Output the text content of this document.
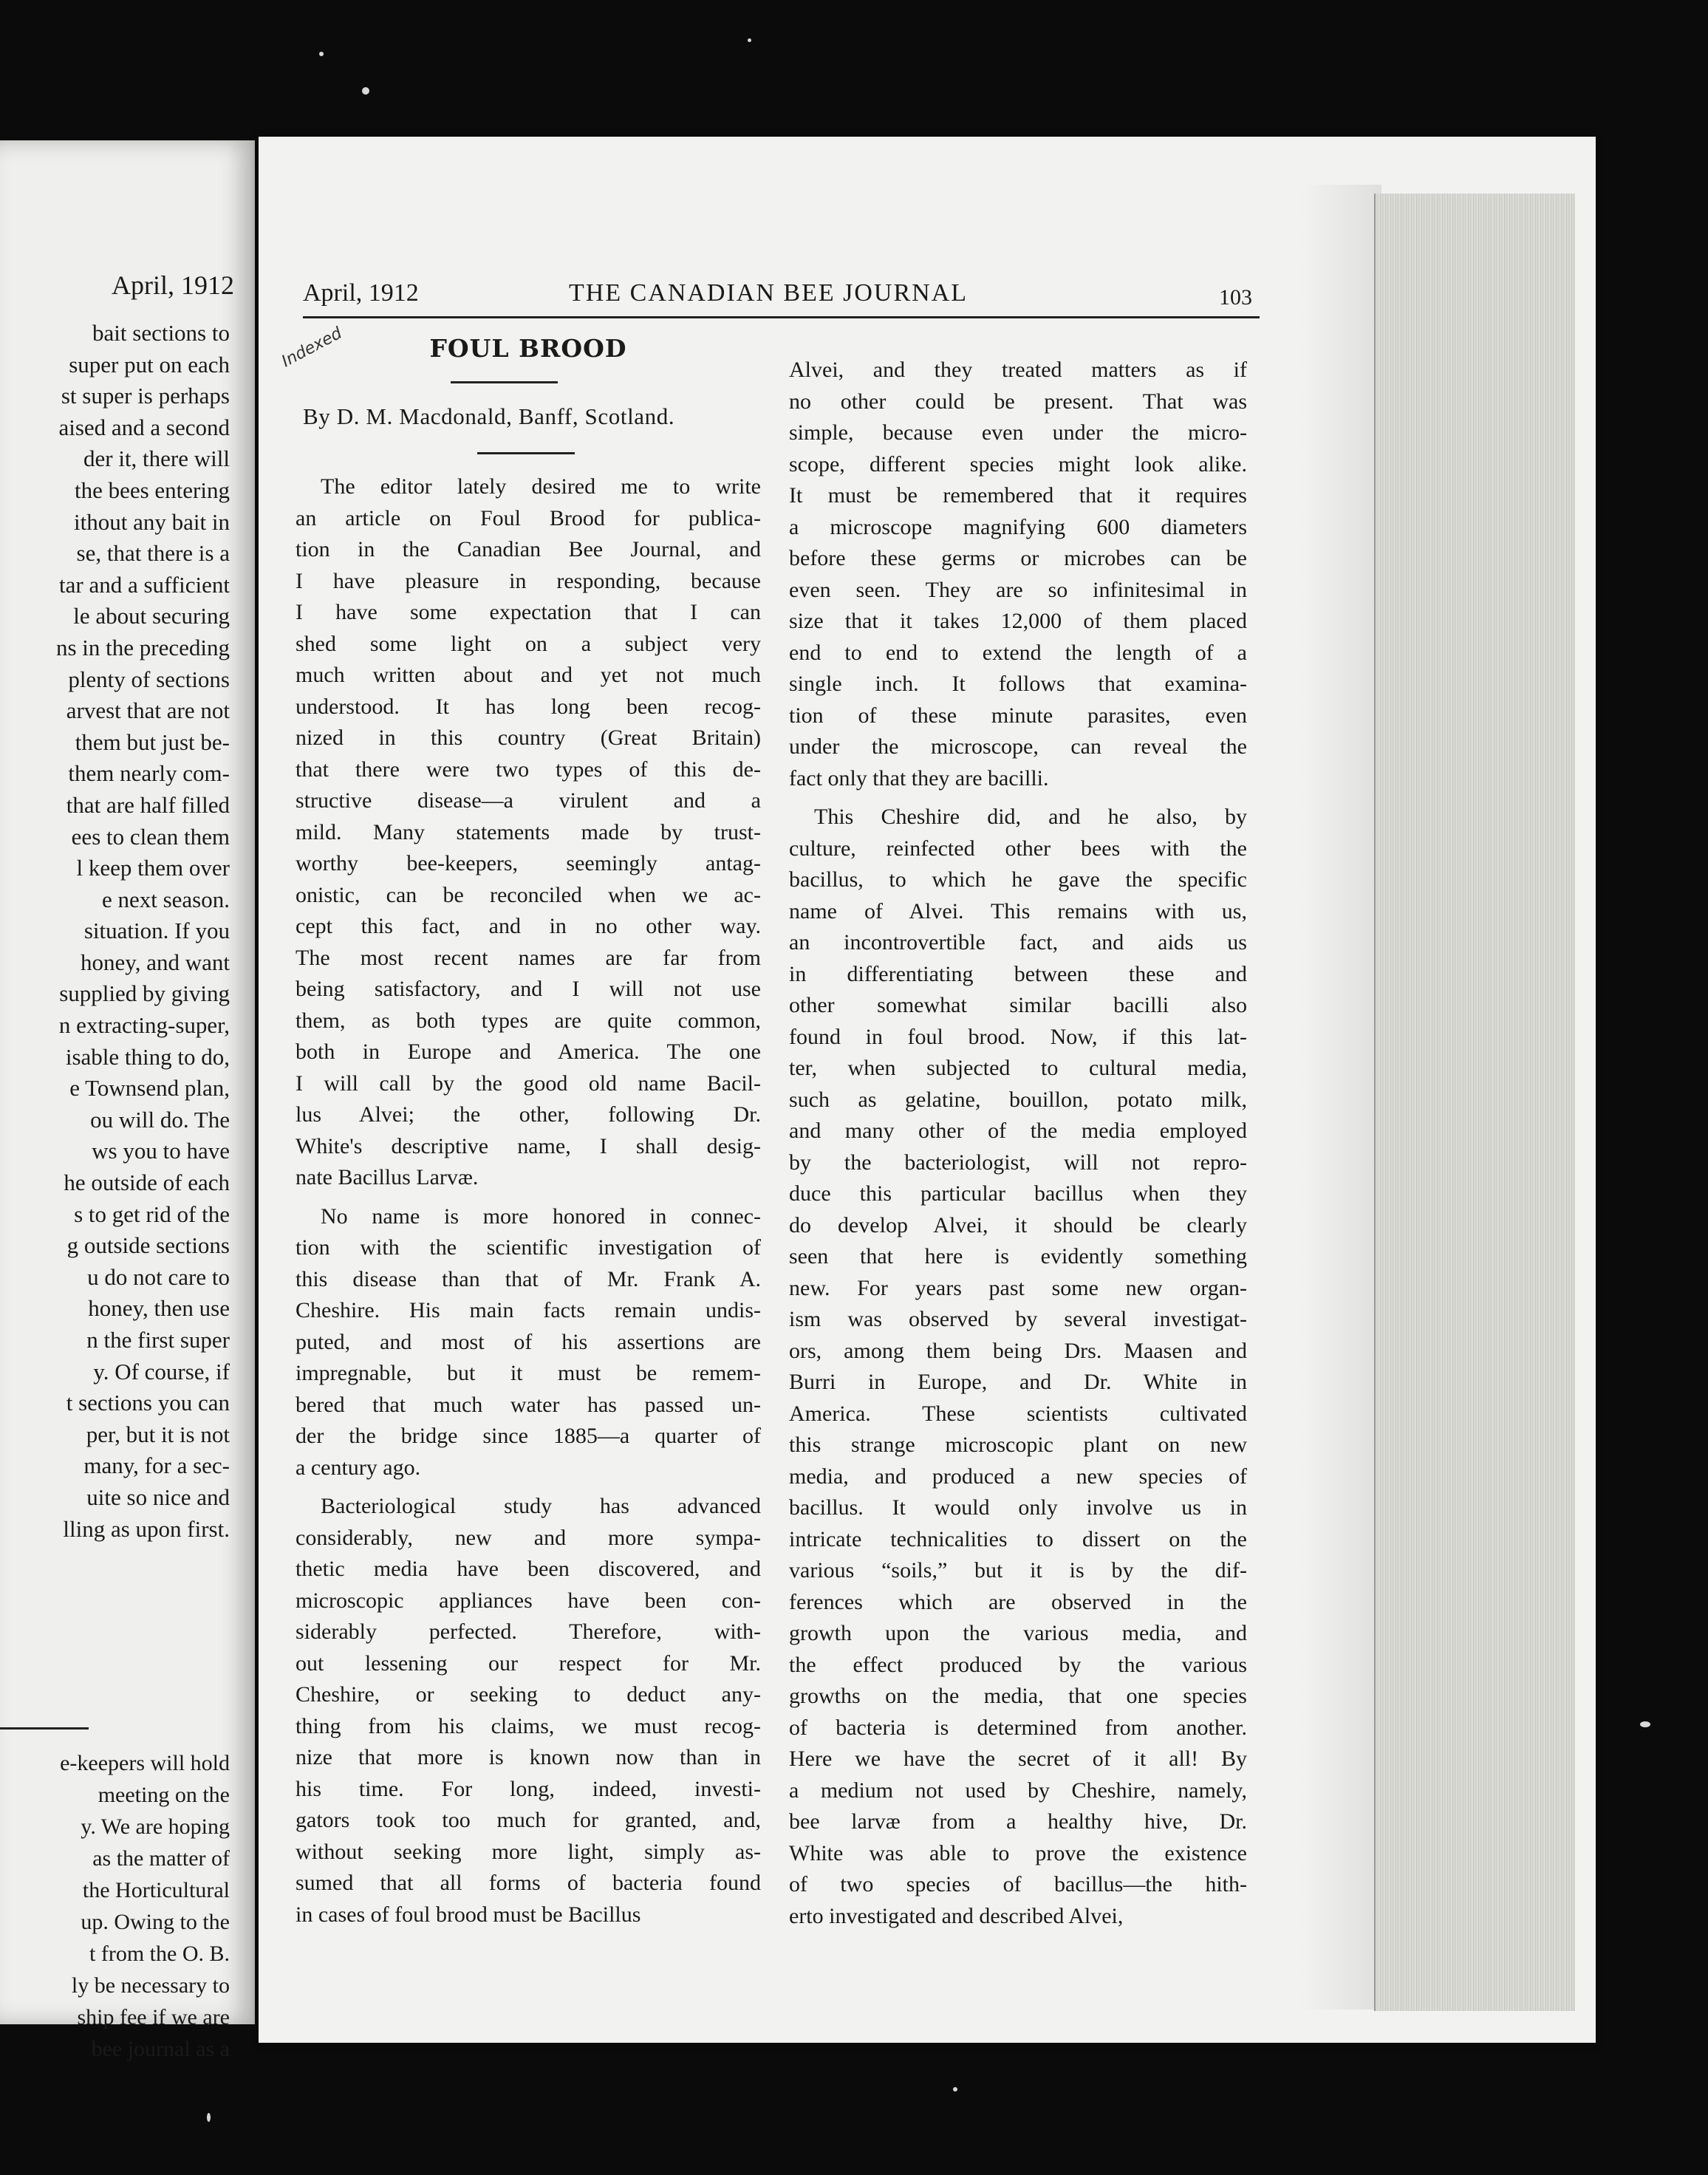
April, 1912
bait sections to
super put on each
st super is perhaps
aised and a second
der it, there will
the bees entering
ithout any bait in
se, that there is a
tar and a sufficient
le about securing
ns in the preceding
plenty of sections
arvest that are not
them but just be-
them nearly com-
that are half filled
ees to clean them
l keep them over
e next season.
situation. If you
honey, and want
supplied by giving
n extracting-super,
isable thing to do,
e Townsend plan,
ou will do. The
ws you to have
he outside of each
s to get rid of the
g outside sections
u do not care to
honey, then use
n the first super
y. Of course, if
t sections you can
per, but it is not
many, for a sec-
uite so nice and
lling as upon first.
e-keepers will hold
meeting on the
y. We are hoping
as the matter of
the Horticultural
up. Owing to the
t from the O. B.
ly be necessary to
ship fee if we are
bee journal as a
April, 1912	THE CANADIAN BEE JOURNAL	103
Indexed	FOUL BROOD
By D. M. Macdonald, Banff, Scotland.
The editor lately desired me to write
an article on Foul Brood for publica-
tion in the Canadian Bee Journal, and
I have pleasure in responding, because
I have some expectation that I can
shed some light on a subject very
much written about and yet not much
understood. It has long been recog-
nized in this country (Great Britain)
that there were two types of this de-
structive disease—a virulent and a
mild. Many statements made by trust-
worthy bee-keepers, seemingly antag-
onistic, can be reconciled when we ac-
cept this fact, and in no other way.
The most recent names are far from
being satisfactory, and I will not use
them, as both types are quite common,
both in Europe and America. The one
I will call by the good old name Bacil-
lus Alvei; the other, following Dr.
White's descriptive name, I shall desig-
nate Bacillus Larvæ.
No name is more honored in connec-
tion with the scientific investigation of
this disease than that of Mr. Frank A.
Cheshire. His main facts remain undis-
puted, and most of his assertions are
impregnable, but it must be remem-
bered that much water has passed un-
der the bridge since 1885—a quarter of
a century ago.
Bacteriological study has advanced
considerably, new and more sympa-
thetic media have been discovered, and
microscopic appliances have been con-
siderably perfected. Therefore, with-
out lessening our respect for Mr.
Cheshire, or seeking to deduct any-
thing from his claims, we must recog-
nize that more is known now than in
his time. For long, indeed, investi-
gators took too much for granted, and,
without seeking more light, simply as-
sumed that all forms of bacteria found
in cases of foul brood must be Bacillus
Alvei, and they treated matters as if
no other could be present. That was
simple, because even under the micro-
scope, different species might look alike.
It must be remembered that it requires
a microscope magnifying 600 diameters
before these germs or microbes can be
even seen. They are so infinitesimal in
size that it takes 12,000 of them placed
end to end to extend the length of a
single inch. It follows that examina-
tion of these minute parasites, even
under the microscope, can reveal the
fact only that they are bacilli.
This Cheshire did, and he also, by
culture, reinfected other bees with the
bacillus, to which he gave the specific
name of Alvei. This remains with us,
an incontrovertible fact, and aids us
in differentiating between these and
other somewhat similar bacilli also
found in foul brood. Now, if this lat-
ter, when subjected to cultural media,
such as gelatine, bouillon, potato milk,
and many other of the media employed
by the bacteriologist, will not repro-
duce this particular bacillus when they
do develop Alvei, it should be clearly
seen that here is evidently something
new. For years past some new organ-
ism was observed by several investigat-
ors, among them being Drs. Maasen and
Burri in Europe, and Dr. White in
America. These scientists cultivated
this strange microscopic plant on new
media, and produced a new species of
bacillus. It would only involve us in
intricate technicalities to dissert on the
various “soils,” but it is by the dif-
ferences which are observed in the
growth upon the various media, and
the effect produced by the various
growths on the media, that one species
of bacteria is determined from another.
Here we have the secret of it all! By
a medium not used by Cheshire, namely,
bee larvæ from a healthy hive, Dr.
White was able to prove the existence
of two species of bacillus—the hith-
erto investigated and described Alvei,
